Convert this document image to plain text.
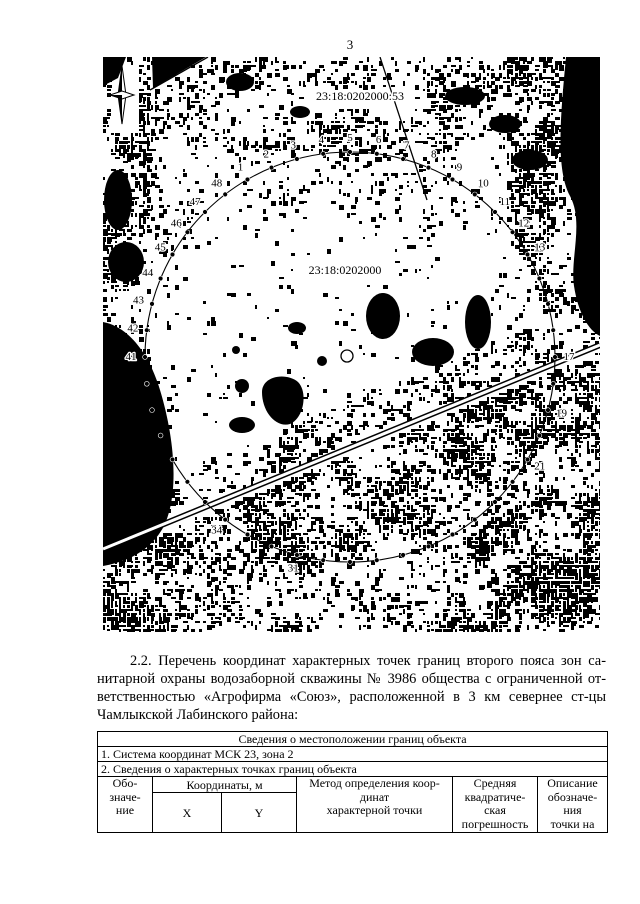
3
1
2
3 4 5 6 7
8
9
10
11
12
13
17
19
21
31
34
41
42
43
44
45
46
47
48
23:18:0202000:53
23:18:0202000
2.2. Перечень координат характерных точек границ второго пояса зон са-
нитарной охраны водозаборной скважины № 3986 общества с ограниченной от-
ветственностью «Агрофирма «Союз», расположенной в 3 км севернее ст-цы
Чамлыкской Лабинского района:
Сведения о местоположении границ объекта					
1. Система координат МСК 23, зона 2					
2. Сведения о характерных точках границ объекта					

Обо-
значе-
ние	Координаты, м		Метод определения коор-
динат
характерной точки	Средняя
квадратиче-
ская
погрешность	Описание
обозначе-
ния
точки на

	X	Y			
